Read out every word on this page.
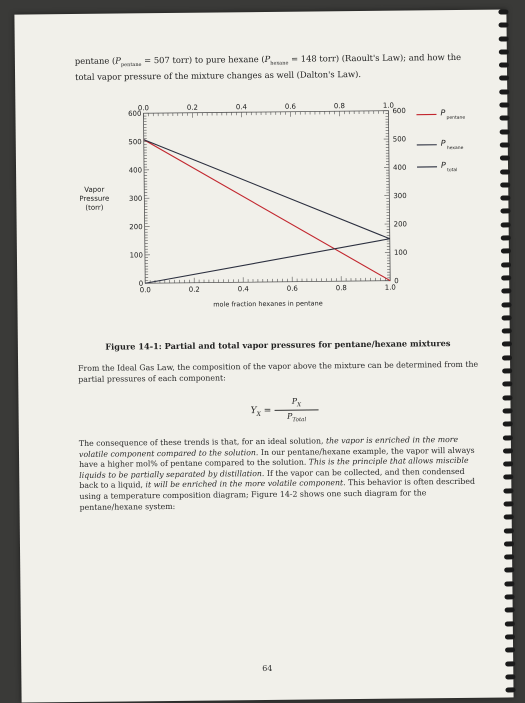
pentane ($P_{pentane} = 507$ torr) to pure hexane ($P_{hexane} = 148$ torr) (Raoult's Law); and how the total vapor pressure of the mixture changes as well (Dalton's Law).
0.0
0.0
0.2
0.2
0.4
0.4
0.6
0.6
0.8
0.8
1.0
1.0
0	0
100	100
200	200
300	300
400	400
500	500
600	600	P
pentane
P
hexane
P
total
Vapor
Pressure
(torr)
mole fraction hexanes in pentane
Figure 14-1: Partial and total vapor pressures for pentane/hexane mixtures
From the Ideal Gas Law, the composition of the vapor above the mixture can be determined from the partial pressures of each component:
$Y_X$ =
$P_X$
$P_{Total}$
The consequence of these trends is that, for an ideal solution, the vapor is enriched in the more volatile component compared to the solution. In our pentane/hexane example, the vapor will always have a higher mol% of pentane compared to the solution. This is the principle that allows miscible liquids to be partially separated by distillation. If the vapor can be collected, and then condensed back to a liquid, it will be enriched in the more volatile component. This behavior is often described using a temperature composition diagram; Figure 14-2 shows one such diagram for the pentane/hexane system:
64
